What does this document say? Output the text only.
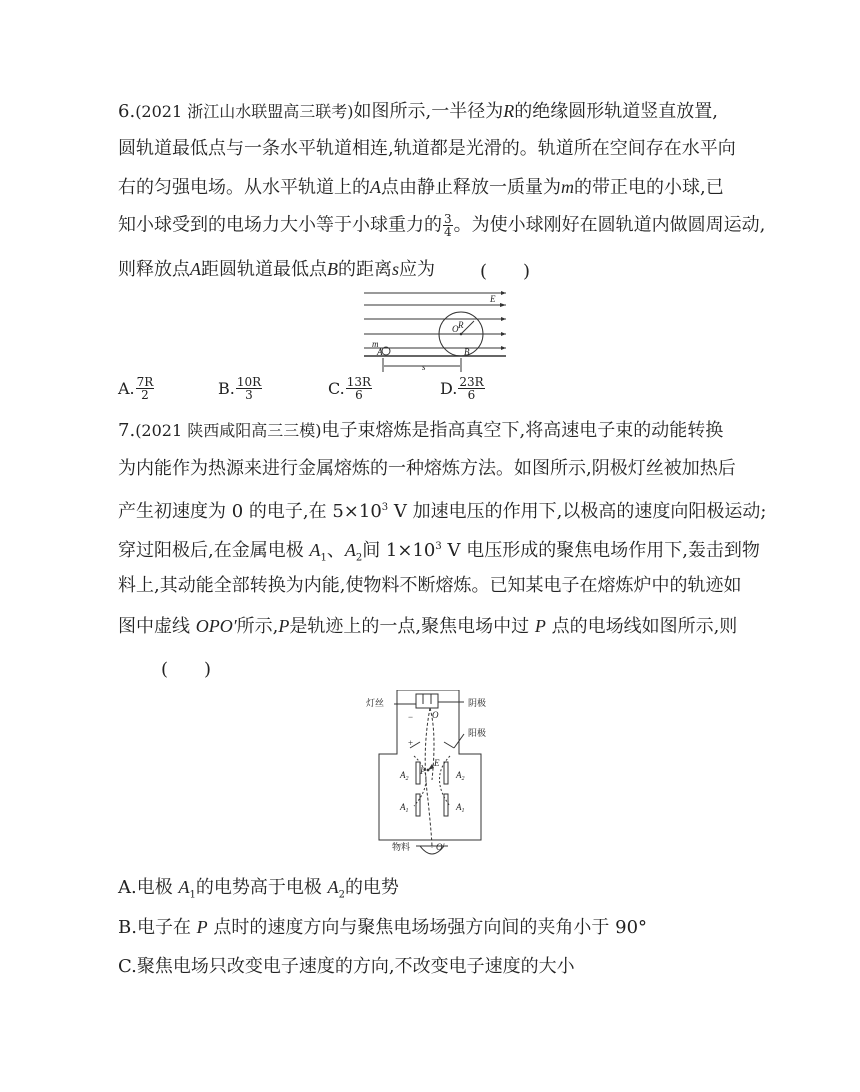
6.(2021 浙江山水联盟高三联考)如图所示,一半径为R的绝缘圆形轨道竖直放置,
圆轨道最低点与一条水平轨道相连,轨道都是光滑的。轨道所在空间存在水平向
右的匀强电场。从水平轨道上的A点由静止释放一质量为m的带正电的小球,已
知小球受到的电场力大小等于小球重力的 $\frac{3}{4}$ 。为使小球刚好在圆轨道内做圆周运动,
则释放点A距圆轨道最低点B的距离s应为 (　　)
E
R
O
m
A	B
s
A. $\frac{7R}{2}$	B. $\frac{10R}{3}$	C. $\frac{13R}{6}$	D. $\frac{23R}{6}$
7.(2021 陕西咸阳高三三模)电子束熔炼是指高真空下,将高速电子束的动能转换
为内能作为热源来进行金属熔炼的一种熔炼方法。如图所示,阴极灯丝被加热后
产生初速度为 0 的电子,在 $5\times 10^3$ V 加速电压的作用下,以极高的速度向阳极运动;
穿过阳极后,在金属电极 $A_1$、$A_2$间 $1\times 10^3$ V 电压形成的聚焦电场作用下,轰击到物
料上,其动能全部转换为内能,使物料不断熔炼。已知某电子在熔炼炉中的轨迹如
图中虚线 OPO′所示,P是轨迹上的一点,聚焦电场中过 P 点的电场线如图所示,则
(　　)
灯丝	阴极
阳极
物料
−
+
O
O′
P
E
$A_2$	$A_2$
$A_1$	$A_1$
A.电极 $A_1$的电势高于电极 $A_2$的电势
B.电子在 P 点时的速度方向与聚焦电场场强方向间的夹角小于 90°
C.聚焦电场只改变电子速度的方向,不改变电子速度的大小
